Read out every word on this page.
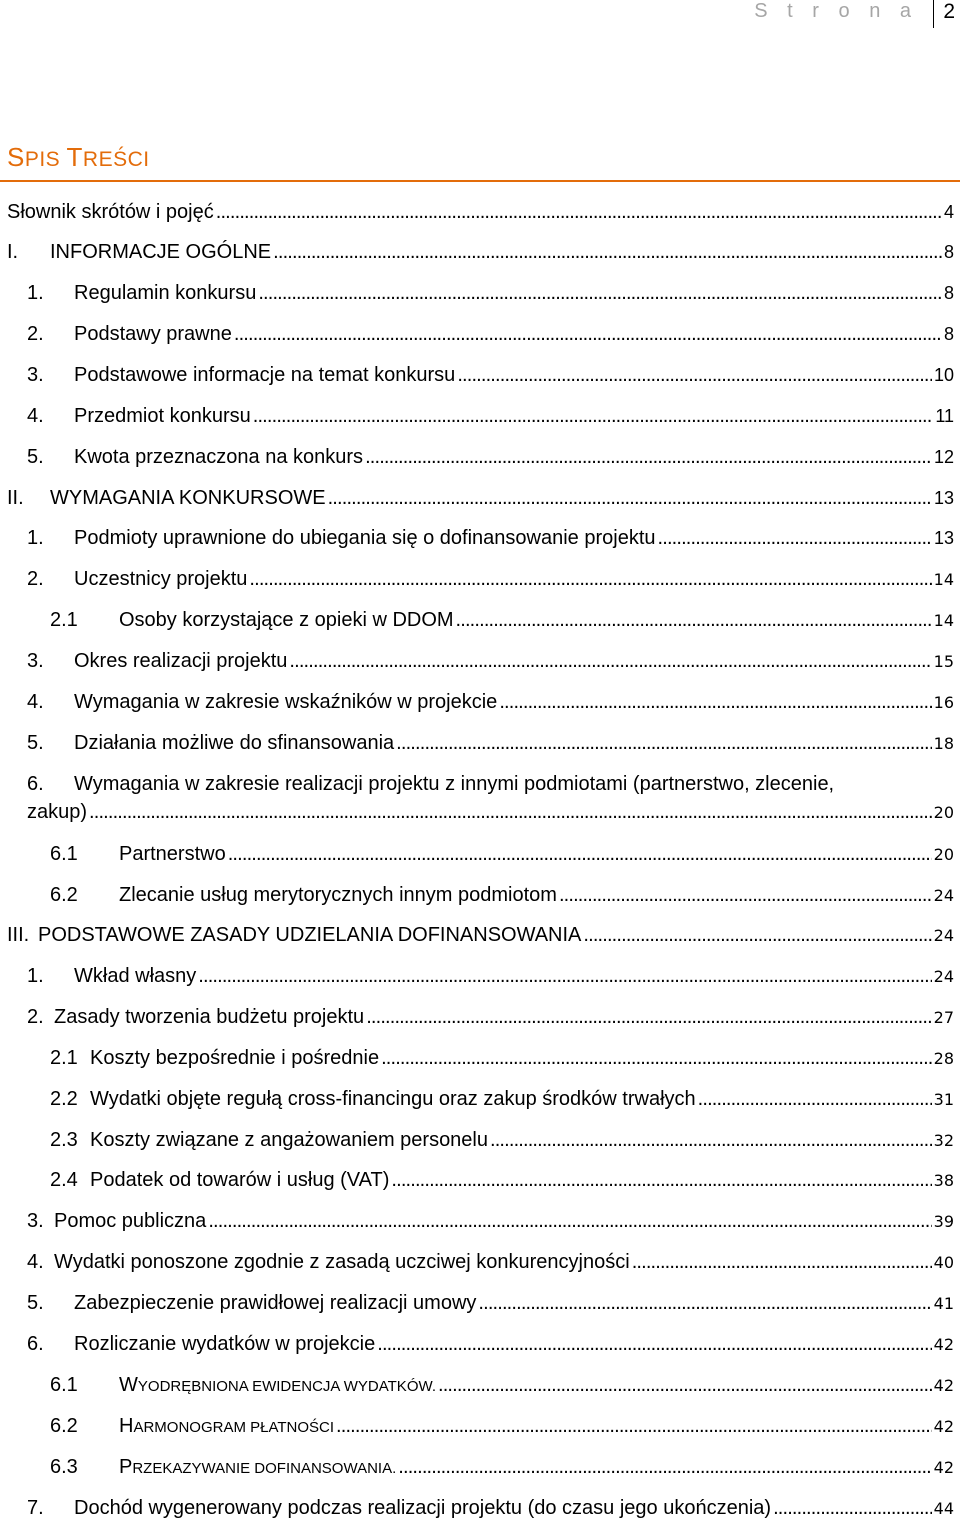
S t r o n a 2
SPIS TREŚCI
Słownik skrótów i pojęć . . .	4
I. INFORMACJE OGÓLNE . . .	8
1. Regulamin konkursu . . .	8
2. Podstawy prawne . . .	8
3. Podstawowe informacje na temat konkursu . . .	10
4. Przedmiot konkursu . . .	11
5. Kwota przeznaczona na konkurs . . .	12
II. WYMAGANIA KONKURSOWE . . .	13
1. Podmioty uprawnione do ubiegania się o dofinansowanie projektu . . .	13
2. Uczestnicy projektu . . .	14
2.1 Osoby korzystające z opieki w DDOM . . .	14
3. Okres realizacji projektu . . .	15
4. Wymagania w zakresie wskaźników w projekcie . . .	16
5. Działania możliwe do sfinansowania . . .	18
6. Wymagania w zakresie realizacji projektu z innymi podmiotami (partnerstwo, zlecenie,
zakup) . . .	20
6.1 Partnerstwo . . .	20
6.2 Zlecanie usług merytorycznych innym podmiotom . . .	24
III. PODSTAWOWE ZASADY UDZIELANIA DOFINANSOWANIA . . .	24
1. Wkład własny . . .	24
2. Zasady tworzenia budżetu projektu . . .	27
2.1 Koszty bezpośrednie i pośrednie . . .	28
2.2 Wydatki objęte regułą cross-financingu oraz zakup środków trwałych . . .	31
2.3 Koszty związane z angażowaniem personelu . . .	32
2.4 Podatek od towarów i usług (VAT) . . .	38
3. Pomoc publiczna . . .	39
4. Wydatki ponoszone zgodnie z zasadą uczciwej konkurencyjności . . .	40
5. Zabezpieczenie prawidłowej realizacji umowy . . .	41
6. Rozliczanie wydatków w projekcie . . .	42
6.1 WYODRĘBNIONA EWIDENCJA WYDATKÓW. . . .	42
6.2 HARMONOGRAM PŁATNOŚCI . . .	42
6.3 PRZEKAZYWANIE DOFINANSOWANIA. . . .	42
7. Dochód wygenerowany podczas realizacji projektu (do czasu jego ukończenia) . . .	44
